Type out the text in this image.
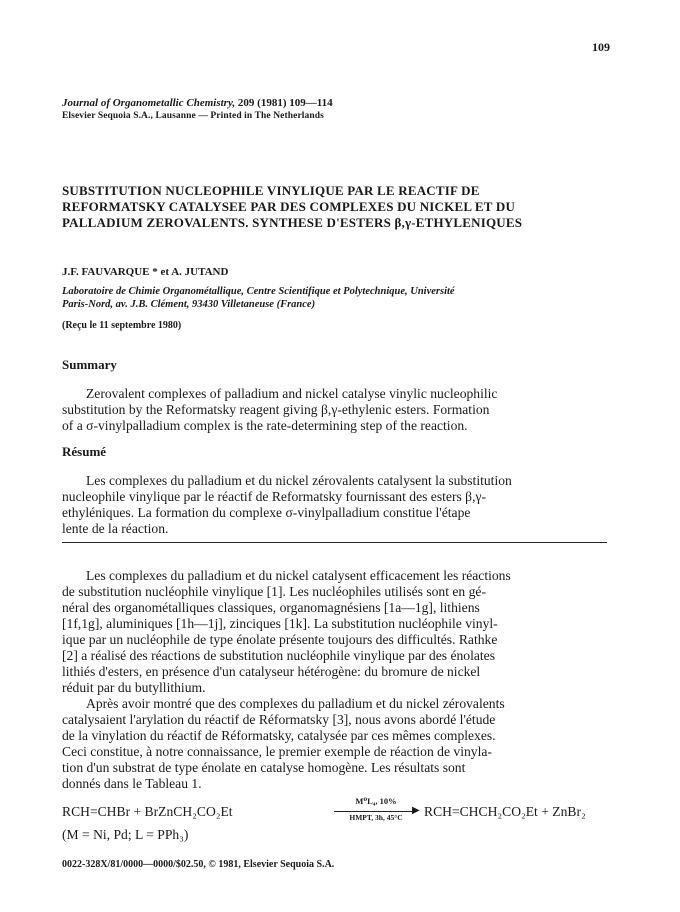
109
Journal of Organometallic Chemistry, 209 (1981) 109—114
Elsevier Sequoia S.A., Lausanne — Printed in The Netherlands
SUBSTITUTION NUCLEOPHILE VINYLIQUE PAR LE REACTIF DE
REFORMATSKY CATALYSEE PAR DES COMPLEXES DU NICKEL ET DU
PALLADIUM ZEROVALENTS. SYNTHESE D'ESTERS β,γ-ETHYLENIQUES
J.F. FAUVARQUE * et A. JUTAND
Laboratoire de Chimie Organométallique, Centre Scientifique et Polytechnique, Université
Paris-Nord, av. J.B. Clément, 93430 Villetaneuse (France)
(Reçu le 11 septembre 1980)
Summary
Zerovalent complexes of palladium and nickel catalyse vinylic nucleophilic
substitution by the Reformatsky reagent giving β,γ-ethylenic esters. Formation
of a σ-vinylpalladium complex is the rate-determining step of the reaction.
Résumé
Les complexes du palladium et du nickel zérovalents catalysent la substitution
nucleophile vinylique par le réactif de Reformatsky fournissant des esters β,γ-
ethyléniques. La formation du complexe σ-vinylpalladium constitue l'étape
lente de la réaction.
Les complexes du palladium et du nickel catalysent efficacement les réactions
de substitution nucléophile vinylique [1]. Les nucléophiles utilisés sont en gé-
néral des organométalliques classiques, organomagnésiens [1a—1g], lithiens
[1f,1g], aluminiques [1h—1j], zinciques [1k]. La substitution nucléophile vinyl-
ique par un nucléophile de type énolate présente toujours des difficultés. Rathke
[2] a réalisé des réactions de substitution nucléophile vinylique par des énolates
lithiés d'esters, en présence d'un catalyseur hétérogène: du bromure de nickel
réduit par du butyllithium.
Après avoir montré que des complexes du palladium et du nickel zérovalents
catalysaient l'arylation du réactif de Réformatsky [3], nous avons abordé l'étude
de la vinylation du réactif de Réformatsky, catalysée par ces mêmes complexes.
Ceci constitue, à notre connaissance, le premier exemple de réaction de vinyla-
tion d'un substrat de type énolate en catalyse homogène. Les résultats sont
donnés dans le Tableau 1.
RCH=CHBr + BrZnCH₂CO₂Et
M⁰L₄, 10%
▶
HMPT, 3h, 45°C	RCH=CHCH₂CO₂Et + ZnBr₂
(M = Ni, Pd; L = PPh₃)
0022-328X/81/0000—0000/$02.50, © 1981, Elsevier Sequoia S.A.
